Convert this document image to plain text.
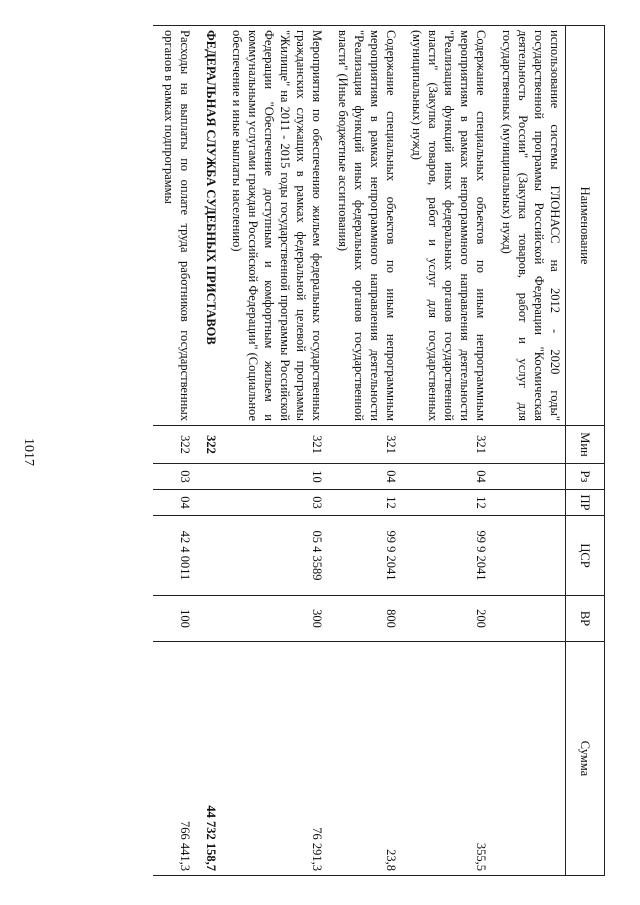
1017
Наименование	Мин	Рз	ПР	ЦСР	ВР	Сумма
использование системы ГЛОНАСС на 2012 - 2020 годы" государственной программы Российской Федерации "Космическая деятельность России" (Закупка товаров, работ и услуг для государственных (муниципальных) нужд)						
Содержание специальных объектов по иным непрограммным мероприятиям в рамках непрограммного направления деятельности "Реализация функций иных федеральных органов государственной власти" (Закупка товаров, работ и услуг для государственных (муниципальных) нужд)	321	04	12	99 9 2041	200	355,5
Содержание специальных объектов по иным непрограммным мероприятиям в рамках непрограммного направления деятельности "Реализация функций иных федеральных органов государственной власти" (Иные бюджетные ассигнования)	321	04	12	99 9 2041	800	23,8
Мероприятия по обеспечению жильем федеральных государственных гражданских служащих в рамках федеральной целевой программы "Жилище" на 2011 - 2015 годы государственной программы Российской Федерации "Обеспечение доступным и комфортным жильем и коммунальными услугами граждан Российской Федерации" (Социальное обеспечение и иные выплаты населению)	321	10	03	05 4 3589	300	76 291,3
ФЕДЕРАЛЬНАЯ СЛУЖБА СУДЕБНЫХ ПРИСТАВОВ	322					44 732 158,7
Расходы на выплаты по оплате труда работников государственных органов в рамках подпрограммы	322	03	04	42 4 0011	100	766 441,3
